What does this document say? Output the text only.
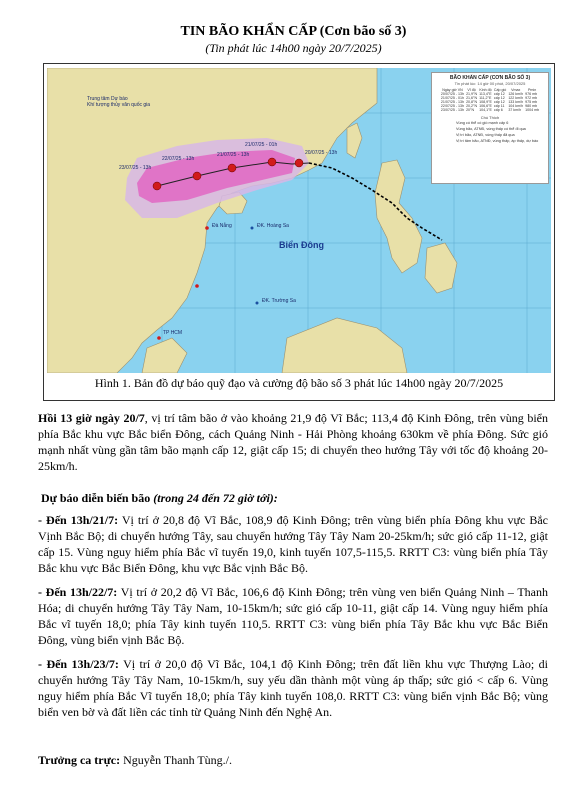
TIN BÃO KHẨN CẤP (Cơn bão số 3)
(Tin phát lúc 14h00 ngày 20/7/2025)
Trung tâm Dự báo
Khí tượng thủy văn quốc gia
20/07/25 - 13h
21/07/25 - 01h
21/07/25 - 13h
22/07/25 - 13h
23/07/25 - 13h
ĐK. Hoàng Sa
ĐK. Trường Sa
Đà Nẵng
TP HCM
Biển Đông
BÃO KHẨN CẤP (CƠN BÃO SỐ 3)
Tin phát lúc: 14 giờ 00 phút, 20/07/2025
Ngày giờ VN	Vĩ độ	Kinh độ	Cấp gió	Vmax	Pmin
20/07/25 - 13h	21,9°N	113,4°E	cấp 12	126 km/h	976 mb
21/07/25 - 01h	21,6°N	111,2°E	cấp 12	122 km/h	972 mb
21/07/25 - 13h	20,8°N	108,9°E	cấp 12	133 km/h	975 mb
22/07/25 - 13h	20,2°N	106,6°E	cấp 11	104 km/h	980 mb
23/07/25 - 13h	20°N	104,1°E	cấp 6	37 km/h	1004 mb
Chú Thích
Vùng có thể có gió mạnh cấp 6
Vùng bão, ATNĐ, vùng thấp có thể đi qua
Vị trí bão, ATNĐ, vùng thấp đã qua
Vị trí tâm bão, ATNĐ, vùng thấp, áp thấp, dự báo
Hình 1. Bản đồ dự báo quỹ đạo và cường độ bão số 3 phát lúc 14h00 ngày 20/7/2025
Hồi 13 giờ ngày 20/7, vị trí tâm bão ở vào khoảng 21,9 độ Vĩ Bắc; 113,4 độ Kinh Đông, trên vùng biển phía Bắc khu vực Bắc biển Đông, cách Quảng Ninh - Hải Phòng khoảng 630km về phía Đông. Sức gió mạnh nhất vùng gần tâm bão mạnh cấp 12, giật cấp 15; di chuyển theo hướng Tây với tốc độ khoảng 20-25km/h.
Dự báo diễn biến bão (trong 24 đến 72 giờ tới):
- Đến 13h/21/7: Vị trí ở 20,8 độ Vĩ Bắc, 108,9 độ Kinh Đông; trên vùng biển phía Đông khu vực Bắc Vịnh Bắc Bộ; di chuyển hướng Tây, sau chuyển hướng Tây Tây Nam 20-25km/h; sức gió cấp 11-12, giật cấp 15. Vùng nguy hiểm phía Bắc vĩ tuyến 19,0, kinh tuyến 107,5-115,5. RRTT C3: vùng biển phía Tây Bắc khu vực Bắc Biển Đông, khu vực Bắc vịnh Bắc Bộ.
- Đến 13h/22/7: Vị trí ở 20,2 độ Vĩ Bắc, 106,6 độ Kinh Đông; trên vùng ven biển Quảng Ninh – Thanh Hóa; di chuyển hướng Tây Tây Nam, 10-15km/h; sức gió cấp 10-11, giật cấp 14. Vùng nguy hiểm phía Bắc vĩ tuyến 18,0; phía Tây kinh tuyến 110,5. RRTT C3: vùng biển phía Tây Bắc khu vực Bắc Biển Đông, vùng biển vịnh Bắc Bộ.
- Đến 13h/23/7: Vị trí ở 20,0 độ Vĩ Bắc, 104,1 độ Kinh Đông; trên đất liền khu vực Thượng Lào; di chuyển hướng Tây Tây Nam, 10-15km/h, suy yếu dần thành một vùng áp thấp; sức gió < cấp 6. Vùng nguy hiểm phía Bắc Vĩ tuyến 18,0; phía Tây kinh tuyến 108,0. RRTT C3: vùng biển vịnh Bắc Bộ; vùng biển ven bờ và đất liền các tỉnh từ Quảng Ninh đến Nghệ An.
Trưởng ca trực: Nguyễn Thanh Tùng./.
